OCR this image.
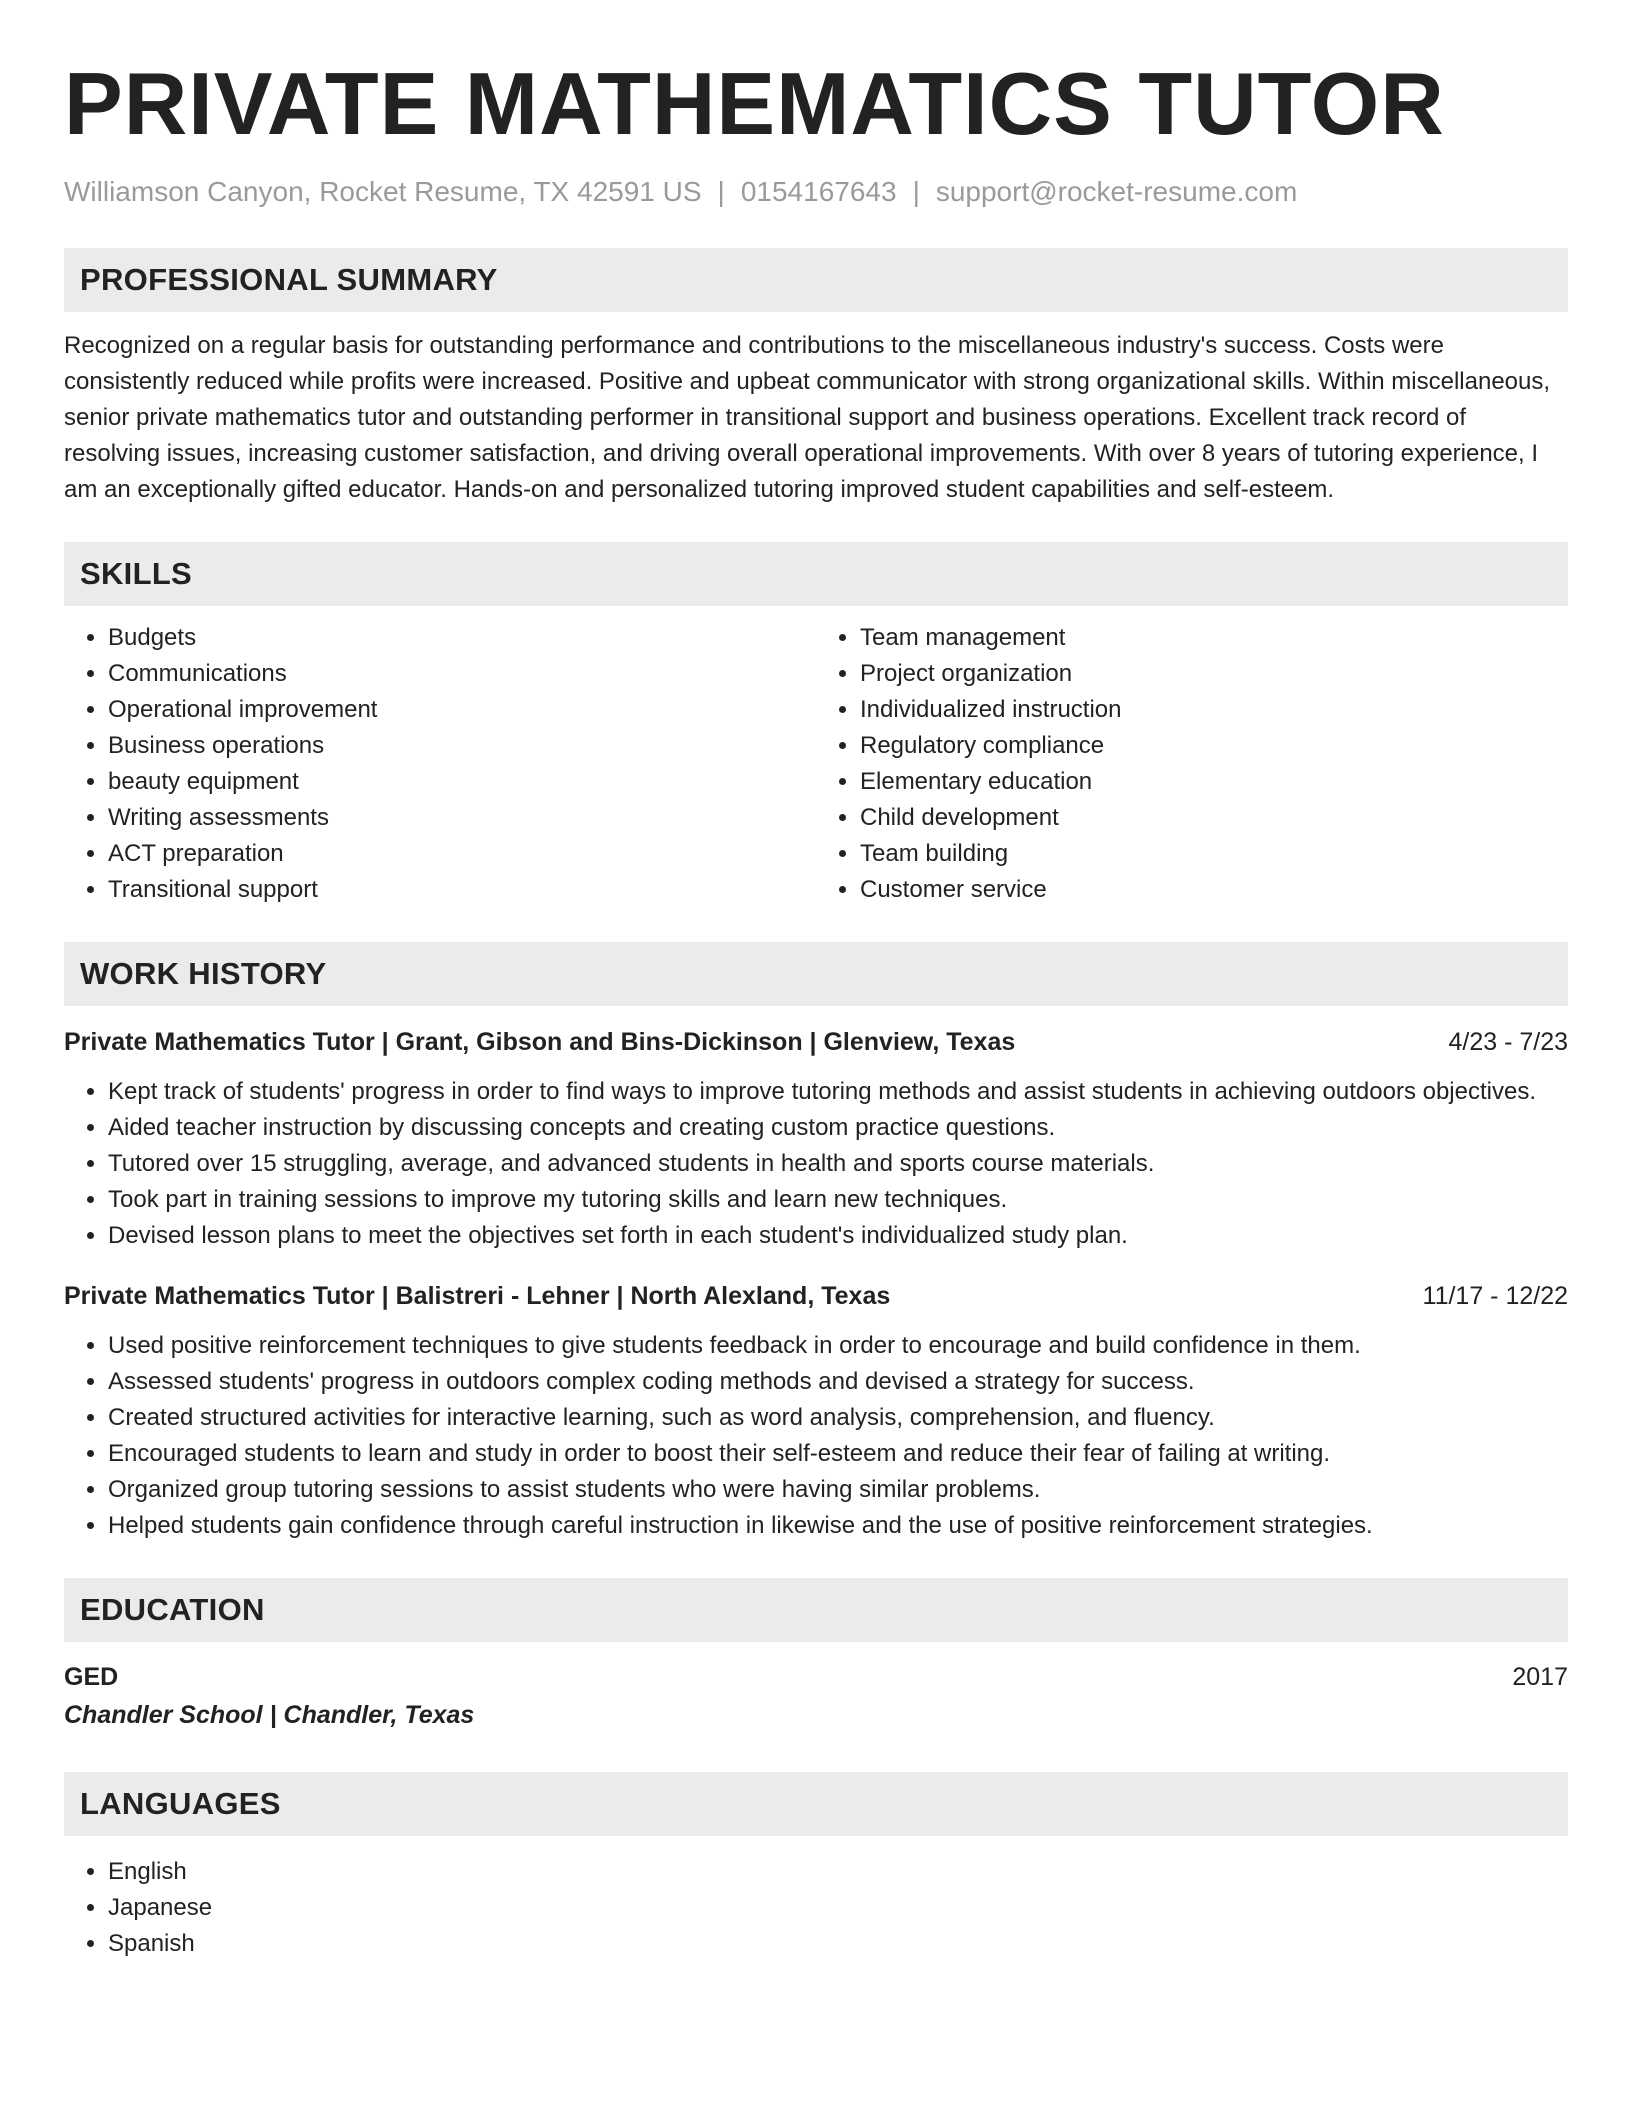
PRIVATE MATHEMATICS TUTOR
Williamson Canyon, Rocket Resume, TX 42591 US | 0154167643 | support@rocket-resume.com
PROFESSIONAL SUMMARY

Recognized on a regular basis for outstanding performance and contributions to the miscellaneous industry's success. Costs were consistently reduced while profits were increased. Positive and upbeat communicator with strong organizational skills. Within miscellaneous, senior private mathematics tutor and outstanding performer in transitional support and business operations. Excellent track record of resolving issues, increasing customer satisfaction, and driving overall operational improvements. With over 8 years of tutoring experience, I am an exceptionally gifted educator. Hands-on and personalized tutoring improved student capabilities and self-esteem.

SKILLS
• Budgets
• Communications
• Operational improvement
• Business operations
• beauty equipment
• Writing assessments
• ACT preparation
• Transitional support
• Team management
• Project organization
• Individualized instruction
• Regulatory compliance
• Elementary education
• Child development
• Team building
• Customer service
WORK HISTORY
Private Mathematics Tutor | Grant, Gibson and Bins-Dickinson | Glenview, Texas	4/23 - 7/23
• Kept track of students' progress in order to find ways to improve tutoring methods and assist students in achieving outdoors objectives.
• Aided teacher instruction by discussing concepts and creating custom practice questions.
• Tutored over 15 struggling, average, and advanced students in health and sports course materials.
• Took part in training sessions to improve my tutoring skills and learn new techniques.
• Devised lesson plans to meet the objectives set forth in each student's individualized study plan.
Private Mathematics Tutor | Balistreri - Lehner | North Alexland, Texas	11/17 - 12/22
• Used positive reinforcement techniques to give students feedback in order to encourage and build confidence in them.
• Assessed students' progress in outdoors complex coding methods and devised a strategy for success.
• Created structured activities for interactive learning, such as word analysis, comprehension, and fluency.
• Encouraged students to learn and study in order to boost their self-esteem and reduce their fear of failing at writing.
• Organized group tutoring sessions to assist students who were having similar problems.
• Helped students gain confidence through careful instruction in likewise and the use of positive reinforcement strategies.
EDUCATION
GED	2017
Chandler School | Chandler, Texas
LANGUAGES
• English
• Japanese
• Spanish
